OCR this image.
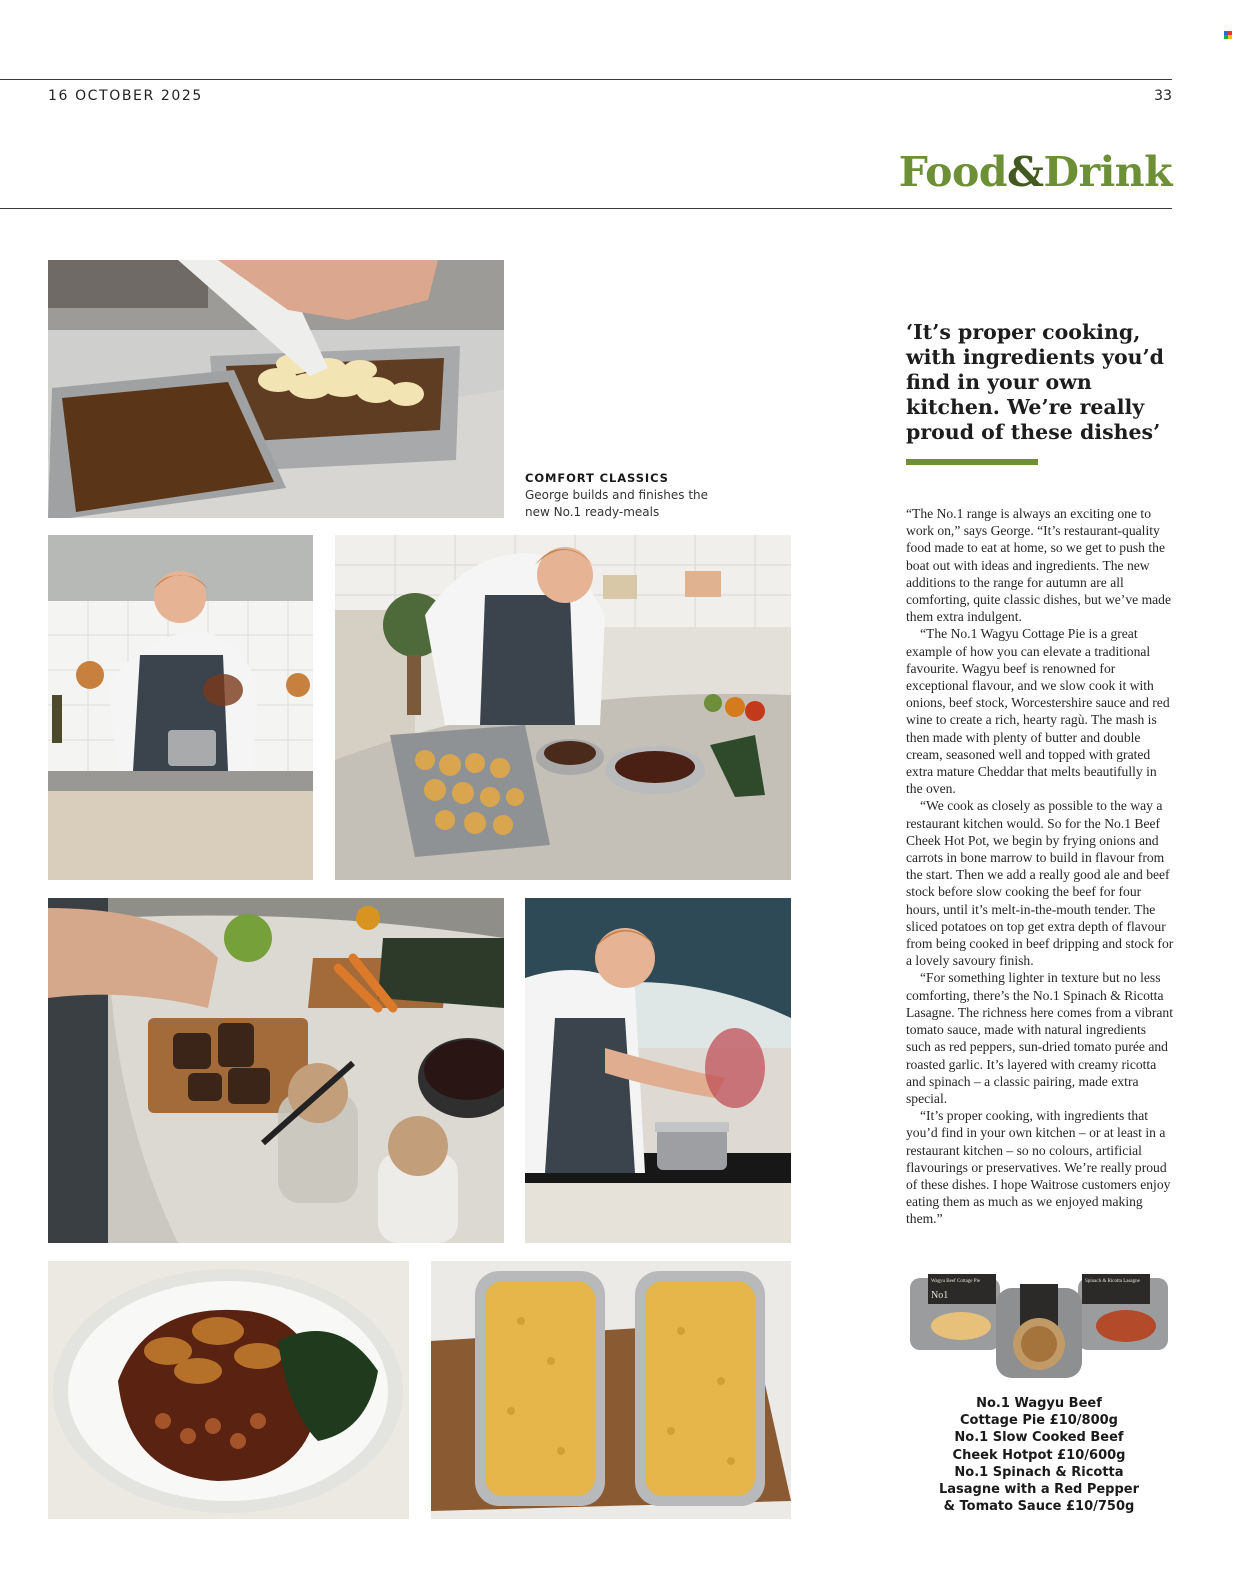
16 OCTOBER 2025	33
Food&Drink
COMFORT CLASSICS
George builds and finishes the new No.1 ready-meals
‘It’s proper cooking, with ingredients you’d find in your own kitchen. We’re really proud of these dishes’

“The No.1 range is always an exciting one to work on,” says George. “It’s restaurant-quality food made to eat at home, so we get to push the boat out with ideas and ingredients. The new additions to the range for autumn are all comforting, quite classic dishes, but we’ve made them extra indulgent.

“The No.1 Wagyu Cottage Pie is a great example of how you can elevate a traditional favourite. Wagyu beef is renowned for exceptional flavour, and we slow cook it with onions, beef stock, Worcestershire sauce and red wine to create a rich, hearty ragù. The mash is then made with plenty of butter and double cream, seasoned well and topped with grated extra mature Cheddar that melts beautifully in the oven.

“We cook as closely as possible to the way a restaurant kitchen would. So for the No.1 Beef Cheek Hot Pot, we begin by frying onions and carrots in bone marrow to build in flavour from the start. Then we add a really good ale and beef stock before slow cooking the beef for four hours, until it’s melt-in-the-mouth tender. The sliced potatoes on top get extra depth of flavour from being cooked in beef dripping and stock for a lovely savoury finish.

“For something lighter in texture but no less comforting, there’s the No.1 Spinach & Ricotta Lasagne. The richness here comes from a vibrant tomato sauce, made with natural ingredients such as red peppers, sun-dried tomato purée and roasted garlic. It’s layered with creamy ricotta and spinach – a classic pairing, made extra special.

“It’s proper cooking, with ingredients that you’d find in your own kitchen – or at least in a restaurant kitchen – so no colours, artificial flavourings or preservatives. We’re really proud of these dishes. I hope Waitrose customers enjoy eating them as much as we enjoyed making them.”

Wagyu Beef Cottage Pie
No1
Spinach & Ricotta Lasagne
No.1 Wagyu Beef
Cottage Pie £10/800g
No.1 Slow Cooked Beef
Cheek Hotpot £10/600g
No.1 Spinach & Ricotta
Lasagne with a Red Pepper
& Tomato Sauce £10/750g
